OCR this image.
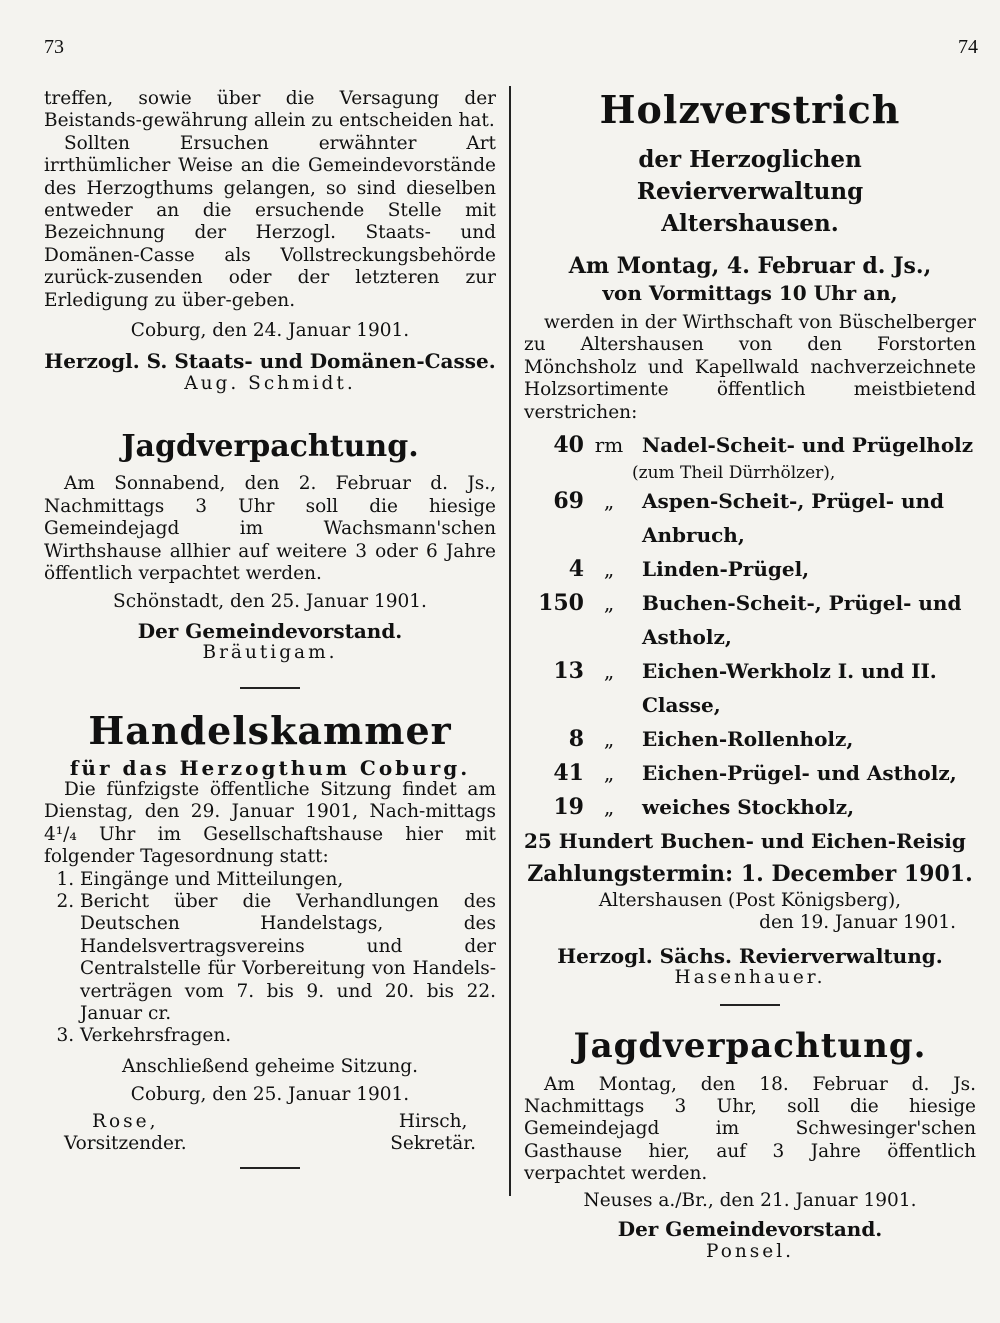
73	74

treffen, sowie über die Versagung der Beistands-gewährung allein zu entscheiden hat.

Sollten Ersuchen erwähnter Art irrthümlicher Weise an die Gemeindevorstände des Herzogthums gelangen, so sind dieselben entweder an die ersuchende Stelle mit Bezeichnung der Herzogl. Staats- und Domänen-Casse als Vollstreckungsbehörde zurück-zusenden oder der letzteren zur Erledigung zu über-geben.

Coburg, den 24. Januar 1901.

Herzogl. S. Staats- und Domänen-Casse.

Aug. Schmidt.

Jagdverpachtung.

Am Sonnabend, den 2. Februar d. Js., Nachmittags 3 Uhr soll die hiesige Gemeindejagd im Wachsmann'schen Wirthshause allhier auf weitere 3 oder 6 Jahre öffentlich verpachtet werden.

Schönstadt, den 25. Januar 1901.

Der Gemeindevorstand.

Bräutigam.

Handelskammer

für das Herzogthum Coburg.

Die fünfzigste öffentliche Sitzung findet am Dienstag, den 29. Januar 1901, Nach-mittags 4¹/₄ Uhr im Gesellschaftshause hier mit folgender Tagesordnung statt:

1. Eingänge und Mitteilungen,
2. Bericht über die Verhandlungen des Deutschen Handelstags, des Handelsvertragsvereins und der Centralstelle für Vorbereitung von Handels-verträgen vom 7. bis 9. und 20. bis 22. Januar cr.
3. Verkehrsfragen.

Anschließend geheime Sitzung.

Coburg, den 25. Januar 1901.

Rose,
Vorsitzender.
Hirsch,
Sekretär.

Holzverstrich

der Herzoglichen Revierverwaltung

Altershausen.

Am Montag, 4. Februar d. Js.,

von Vormittags 10 Uhr an,

werden in der Wirthschaft von Büschelberger zu Altershausen von den Forstorten Mönchsholz und Kapellwald nachverzeichnete Holzsortimente öffentlich meistbietend verstrichen:

40 rm Nadel-Scheit- und Prügelholz

(zum Theil Dürrhölzer),

69 „	Aspen-Scheit-, Prügel- und Anbruch,
4 „	Linden-Prügel,
150 „	Buchen-Scheit-, Prügel- und Astholz,
13 „	Eichen-Werkholz I. und II. Classe,
8 „	Eichen-Rollenholz,
41 „	Eichen-Prügel- und Astholz,
19 „	weiches Stockholz,

25 Hundert Buchen- und Eichen-Reisig

Zahlungstermin: 1. December 1901.

Altershausen (Post Königsberg),

den 19. Januar 1901.

Herzogl. Sächs. Revierverwaltung.

Hasenhauer.

Jagdverpachtung.

Am Montag, den 18. Februar d. Js. Nachmittags 3 Uhr, soll die hiesige Gemeindejagd im Schwesinger'schen Gasthause hier, auf 3 Jahre öffentlich verpachtet werden.

Neuses a./Br., den 21. Januar 1901.

Der Gemeindevorstand.

Ponsel.
